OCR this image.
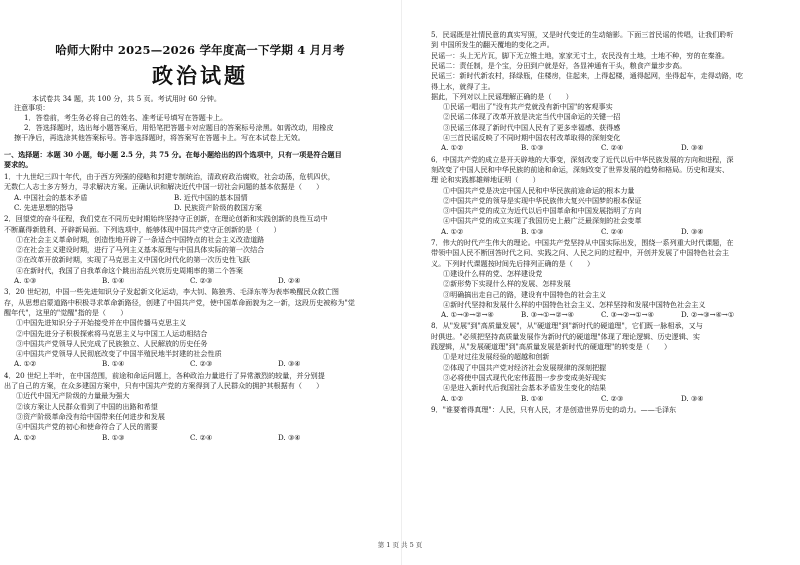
哈师大附中 2025—2026 学年度高一下学期 4 月月考
政治试题
本试卷共 34 题，共 100 分，共 5 页。考试用时 60 分钟。
注意事项：
1．答卷前，考生务必将自己的姓名、准考证号填写在答题卡上。
2．答选择题时，选出每小题答案后，用铅笔把答题卡对应题目的答案标号涂黑。如需改动，用橡皮
擦干净后，再选涂其他答案标号。答非选择题时，将答案写在答题卡上。写在本试卷上无效。
一、选择题：本题 30 小题，每小题 2.5 分，共 75 分。在每小题给出的四个选项中，只有一项是符合题目
要求的。
1．十九世纪三四十年代，由于西方列强的侵略和封建专制统治，清政府政治腐败，社会动荡，危机四伏，
无数仁人志士多方努力，寻求解决方案。正确认识和解决近代中国一切社会问题的基本依据是（　　）
A. 中国社会的基本矛盾	B. 近代中国的基本国情
C. 先进思想的指导	D. 民族资产阶级的救国方案
2．回望党的奋斗征程，我们党在不同历史时期始终坚持守正创新，在理论创新和实践创新的良性互动中
不断赢得新胜利、开辟新局面。下列选项中，能够体现中国共产党守正创新的是（　　）
①在社会主义革命时期，创造性地开辟了一条适合中国特点的社会主义改造道路
②在社会主义建设时期，进行了马列主义基本原理与中国具体实际的第一次结合
③在改革开放新时期，实现了马克思主义中国化时代化的第一次历史性飞跃
④在新时代，我国了自我革命这个跳出治乱兴衰历史周期率的第二个答案
A. ①③	B. ①④	C. ②③	D. ②④
3．20 世纪初，中国一些先进知识分子发起新文化运动，李大钊、陈独秀、毛泽东等为表率唤醒民众救亡图
存，从思想启蒙道路中积极寻求革命新路径，创建了中国共产党，使中国革命面貌为之一新，这段历史被称为"觉
醒年代"，这里的"觉醒"指的是（　　）
①中国先进知识分子开始接受并在中国传播马克思主义
②中国先进分子积极探索将马克思主义与中国工人运动相结合
③中国共产党领导人民完成了民族独立、人民解放的历史任务
④中国共产党领导人民彻底改变了中国半殖民地半封建的社会性质
A. ①②	B. ①④	C. ②③	D. ③④
4．20 世纪上半叶，在中国范围，前途和命运问题上，各种政治力量进行了异常激烈的较量，并分别提
出了自己的方案，在众多建国方案中，只有中国共产党的方案得到了人民群众的拥护其根据有（　　）
①近代中国无产阶级的力量最为强大
②该方案让人民群众看到了中国的出路和希望
③资产阶级革命没有给中国带来任何进步和发展
④中国共产党的初心和使命符合了人民的需要
A. ①②	B. ①③	C. ②④	D. ③④
5．民谣既是社情民意的真实写照，又是时代变迁的生动缩影。下面三首民谣的传唱，让我们聆听
到 中国所发生的翻天覆地的变化之声。
民谣一：头上无片瓦，脚下无立锥土地，家家无寸土，农民没有土地，土地不种，穷的在秦淮。
民谣二：责任制，是个宝，分田到户就是好，各显神通有干头，粮食产量步步高。
民谣三：新时代新农村，择绿瓶，住楼房，住起来，上得起楼，通得起网，坐得起车，走得动路，吃
得上水，就得了主。
据此，下列对以上民谣理解正确的是（　　）
①民谣一唱出了"没有共产党就没有新中国"的客观事实
②民谣二体现了改革开放是决定当代中国命运的关键一招
③民谣三体现了新时代中国人民有了更多幸福感、获得感
④三首民谣反映了不同时期中国农村改革取得的深刻变化
A. ①②	B. ①③	C. ②④	D. ③④
6．中国共产党的成立是开天辟地的大事变，深刻改变了近代以后中华民族发展的方向和进程，深
刻改变了中国人民和中华民族的前途和命运，深刻改变了世界发展的趋势和格局。历史和现实、
理 论和实践都雄辩地证明（　　）
①中国共产党是决定中国人民和中华民族前途命运的根本力量
②中国共产党的领导是实现中华民族伟大复兴中国梦的根本保证
③中国共产党的成立为近代以后中国革命和中国发展指明了方向
④中国共产党的成立实现了我国历史上最广泛最深刻的社会变革
A. ①②	B. ①③	C. ②④	D. ③④
7．伟大的时代产生伟大的理论。中国共产党坚持从中国实际出发，围绕一系列重大时代课题，在
带领中国人民不断回答时代之问、实践之问、人民之问的过程中，开创并发展了中国特色社会主
义。下列时代课题按时间先后排列正确的是（　　）
①建设什么样的党、怎样建设党
②新形势下实现什么样的发展、怎样发展
③明确搞出走自己的路，建设有中国特色的社会主义
④新时代坚持和发展什么样的中国特色社会主义、怎样坚持和发展中国特色社会主义
A. ①→③→②→④	B. ③→①→②→④	C. ③→②→①→④	D. ②→③→④→①
8．从"发展"到"高质量发展"，从"硬道理"到"新时代的硬道理"，它们既一脉相承，又与
时俱进。"必须把坚持高质量发展作为新时代的硬道理"体现了理论逻辑、历史逻辑、实
践逻辑，从"发展硬道理"到"高质量发展是新时代的硬道理"的转变是（　　）
①是对过往发展经验的超越和创新
②体现了中国共产党对经济社会发展规律的深刻把握
③必将使中国式现代化宏伟蓝图一步步变成美好现实
④是进入新时代后我国社会基本矛盾发生变化的结果
A. ①②	B. ①④	C. ②③	D. ③④
9．"谁要着得真理"：人民，只有人民，才是创造世界历史的动力。——毛泽东
第 1 页 共 5 页
